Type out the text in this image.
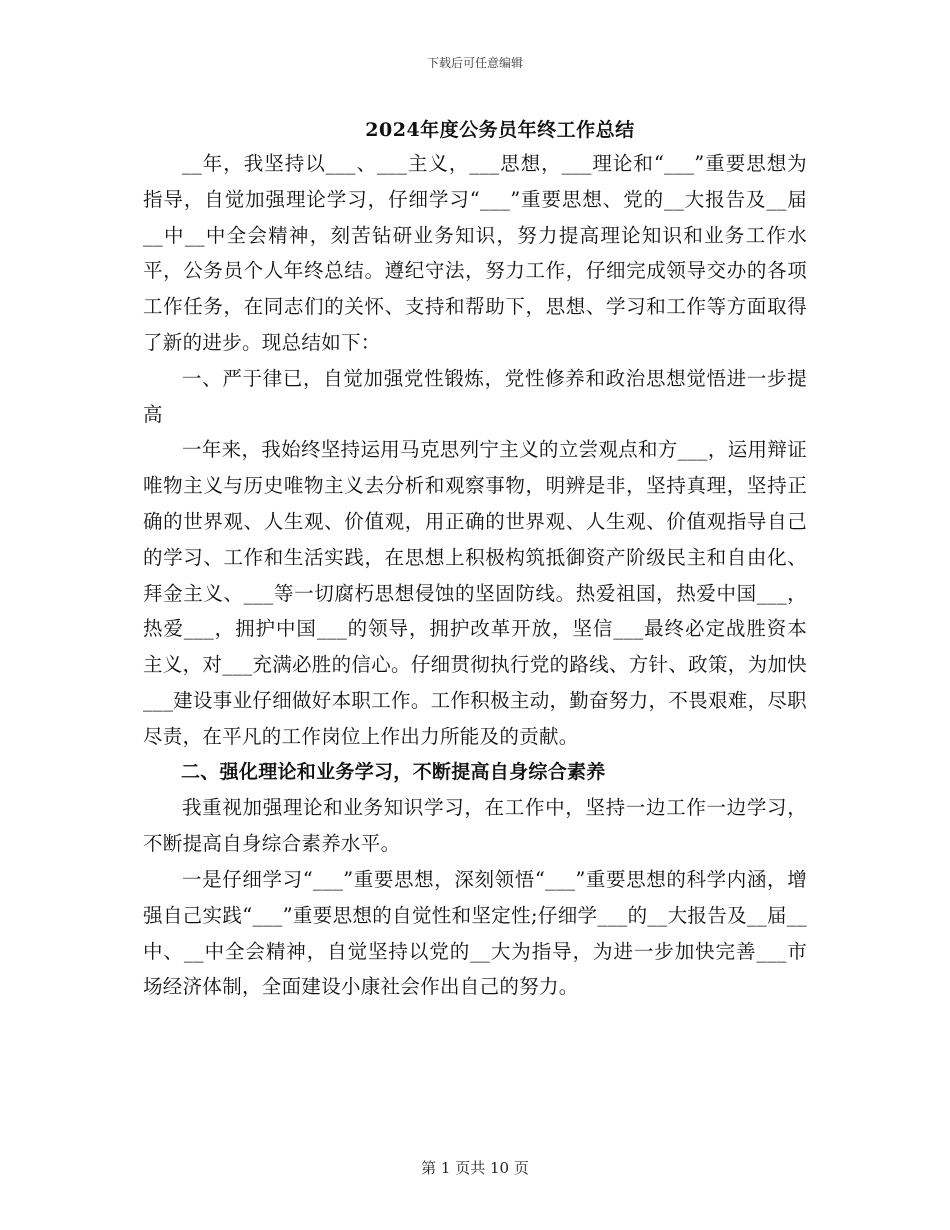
下载后可任意编辑
2024年度公务员年终工作总结

__年，我坚持以___、___主义，___思想，___理论和“___”重要思想为指导，自觉加强理论学习，仔细学习“___”重要思想、党的__大报告及__届__中__中全会精神，刻苦钻研业务知识，努力提高理论知识和业务工作水平，公务员个人年终总结。遵纪守法，努力工作，仔细完成领导交办的各项工作任务，在同志们的关怀、支持和帮助下，思想、学习和工作等方面取得了新的进步。现总结如下：

一、严于律已，自觉加强党性锻炼，党性修养和政治思想觉悟进一步提高

一年来，我始终坚持运用马克思列宁主义的立尝观点和方___，运用辩证唯物主义与历史唯物主义去分析和观察事物，明辨是非，坚持真理，坚持正确的世界观、人生观、价值观，用正确的世界观、人生观、价值观指导自己的学习、工作和生活实践，在思想上积极构筑抵御资产阶级民主和自由化、拜金主义、___等一切腐朽思想侵蚀的坚固防线。热爱祖国，热爱中国___，热爱___，拥护中国___的领导，拥护改革开放，坚信___最终必定战胜资本主义，对___充满必胜的信心。仔细贯彻执行党的路线、方针、政策，为加快___建设事业仔细做好本职工作。工作积极主动，勤奋努力，不畏艰难，尽职尽责，在平凡的工作岗位上作出力所能及的贡献。

二、强化理论和业务学习，不断提高自身综合素养

我重视加强理论和业务知识学习，在工作中，坚持一边工作一边学习，不断提高自身综合素养水平。

一是仔细学习“___”重要思想，深刻领悟“___”重要思想的科学内涵，增强自己实践“___”重要思想的自觉性和坚定性;仔细学___的__大报告及__届__中、__中全会精神，自觉坚持以党的__大为指导，为进一步加快完善___市场经济体制，全面建设小康社会作出自己的努力。

第 1 页共 10 页
